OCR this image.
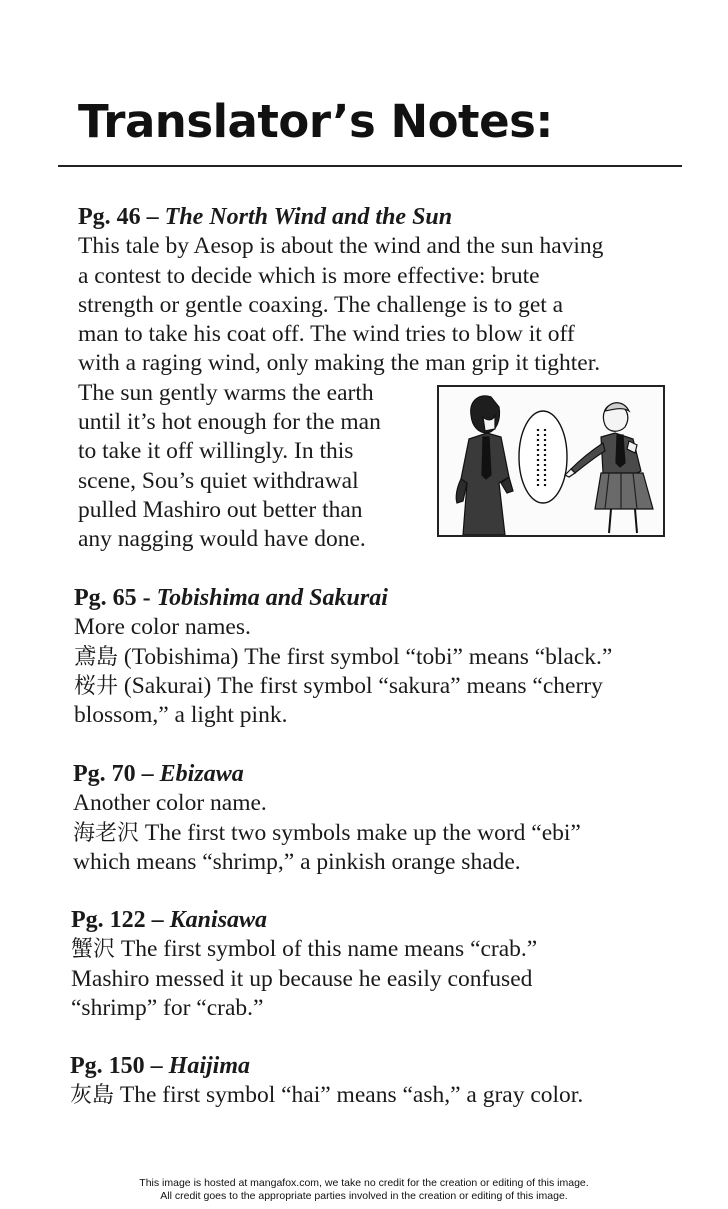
Translator’s Notes:
Pg. 46 – The North Wind and the Sun
This tale by Aesop is about the wind and the sun having
a contest to decide which is more effective: brute
strength or gentle coaxing. The challenge is to get a
man to take his coat off. The wind tries to blow it off
with a raging wind, only making the man grip it tighter.
The sun gently warms the earth
until it’s hot enough for the man
to take it off willingly. In this
scene, Sou’s quiet withdrawal
pulled Mashiro out better than
any nagging would have done.
Pg. 65 - Tobishima and Sakurai
More color names.
鳶島 (Tobishima) The first symbol “tobi” means “black.”
桜井 (Sakurai) The first symbol “sakura” means “cherry
blossom,” a light pink.
Pg. 70 – Ebizawa
Another color name.
海老沢 The first two symbols make up the word “ebi”
which means “shrimp,” a pinkish orange shade.
Pg. 122 – Kanisawa
蟹沢 The first symbol of this name means “crab.”
Mashiro messed it up because he easily confused
“shrimp” for “crab.”
Pg. 150 – Haijima
灰島 The first symbol “hai” means “ash,” a gray color.
This image is hosted at mangafox.com, we take no credit for the creation or editing of this image.
All credit goes to the appropriate parties involved in the creation or editing of this image.
